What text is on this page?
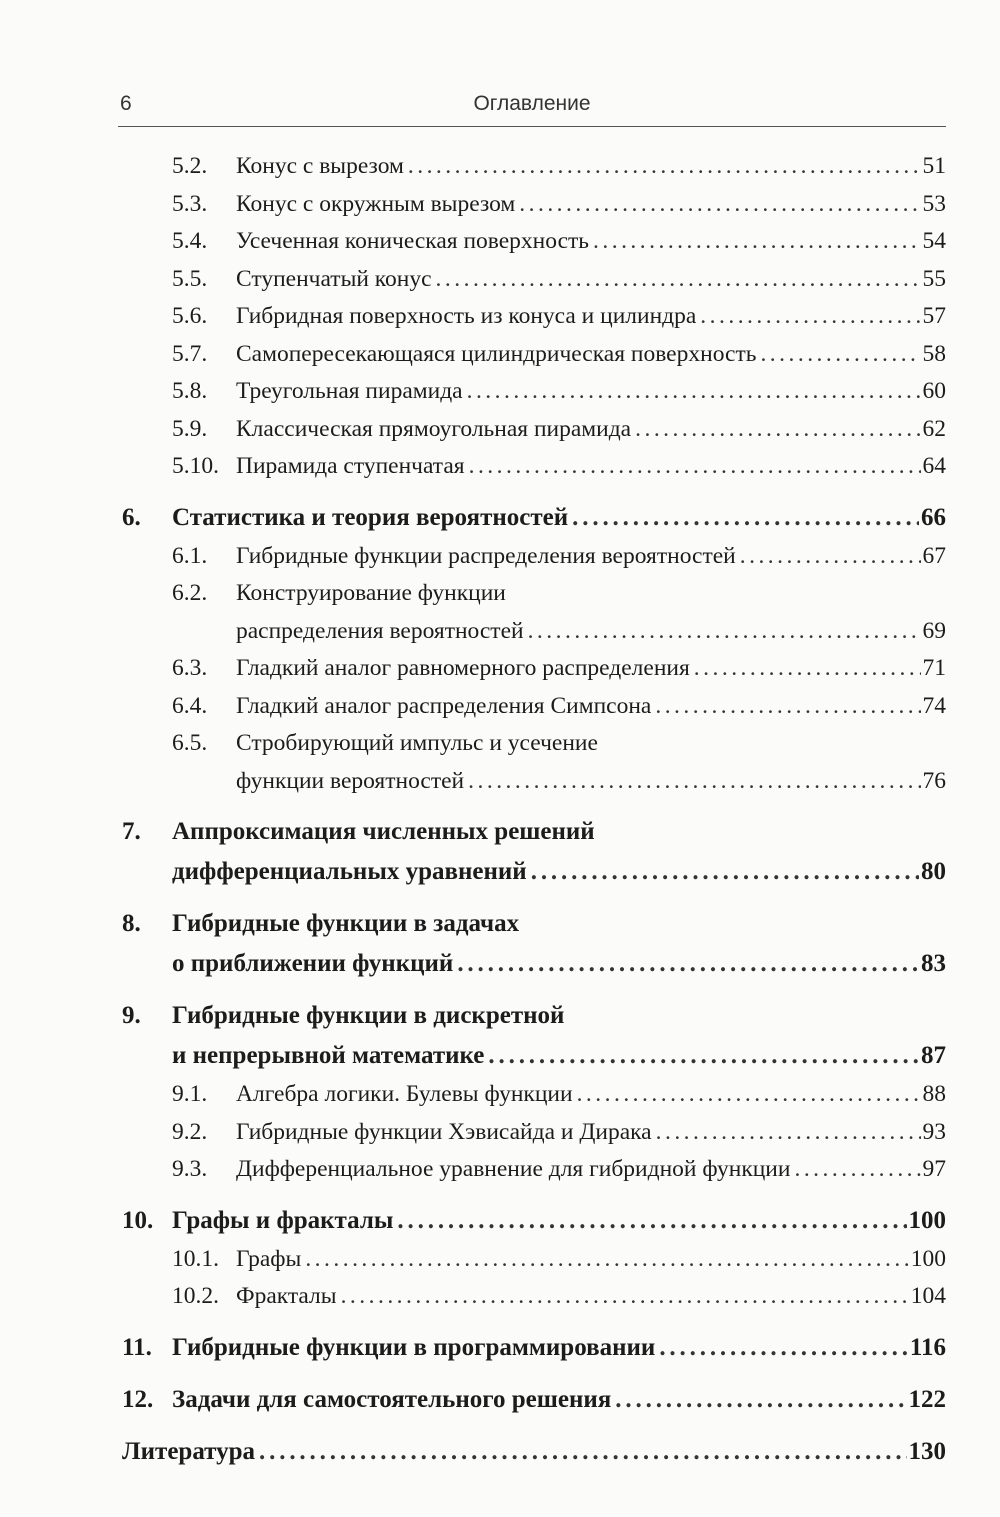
6	Оглавление
5.2.	Конус с вырезом . . .	51
5.3.	Конус с окружным вырезом . . .	53
5.4.	Усеченная коническая поверхность . . .	54
5.5.	Ступенчатый конус . . .	55
5.6.	Гибридная поверхность из конуса и цилиндра . . .	57
5.7.	Самопересекающаяся цилиндрическая поверхность . . .	58
5.8.	Треугольная пирамида . . .	60
5.9.	Классическая прямоугольная пирамида . . .	62
5.10. Пирамида ступенчатая . . .	64
6.	Статистика и теория вероятностей . . .	66
6.1.	Гибридные функции распределения вероятностей . . .	67
6.2.	Конструирование функции
распределения вероятностей . . .	69
6.3.	Гладкий аналог равномерного распределения . . .	71
6.4.	Гладкий аналог распределения Симпсона . . .	74
6.5.	Стробирующий импульс и усечение
функции вероятностей . . .	76
7.	Аппроксимация численных решений
дифференциальных уравнений . . .	80
8.	Гибридные функции в задачах
о приближении функций . . .	83
9.	Гибридные функции в дискретной
и непрерывной математике . . .	87
9.1.	Алгебра логики. Булевы функции . . .	88
9.2.	Гибридные функции Хэвисайда и Дирака . . .	93
9.3.	Дифференциальное уравнение для гибридной функции . . .	97
10. Графы и фракталы . . .	100
10.1. Графы . . .	100
10.2. Фракталы . . .	104
11. Гибридные функции в программировании . . .	116
12. Задачи для самостоятельного решения . . .	122
Литература . . .	130
